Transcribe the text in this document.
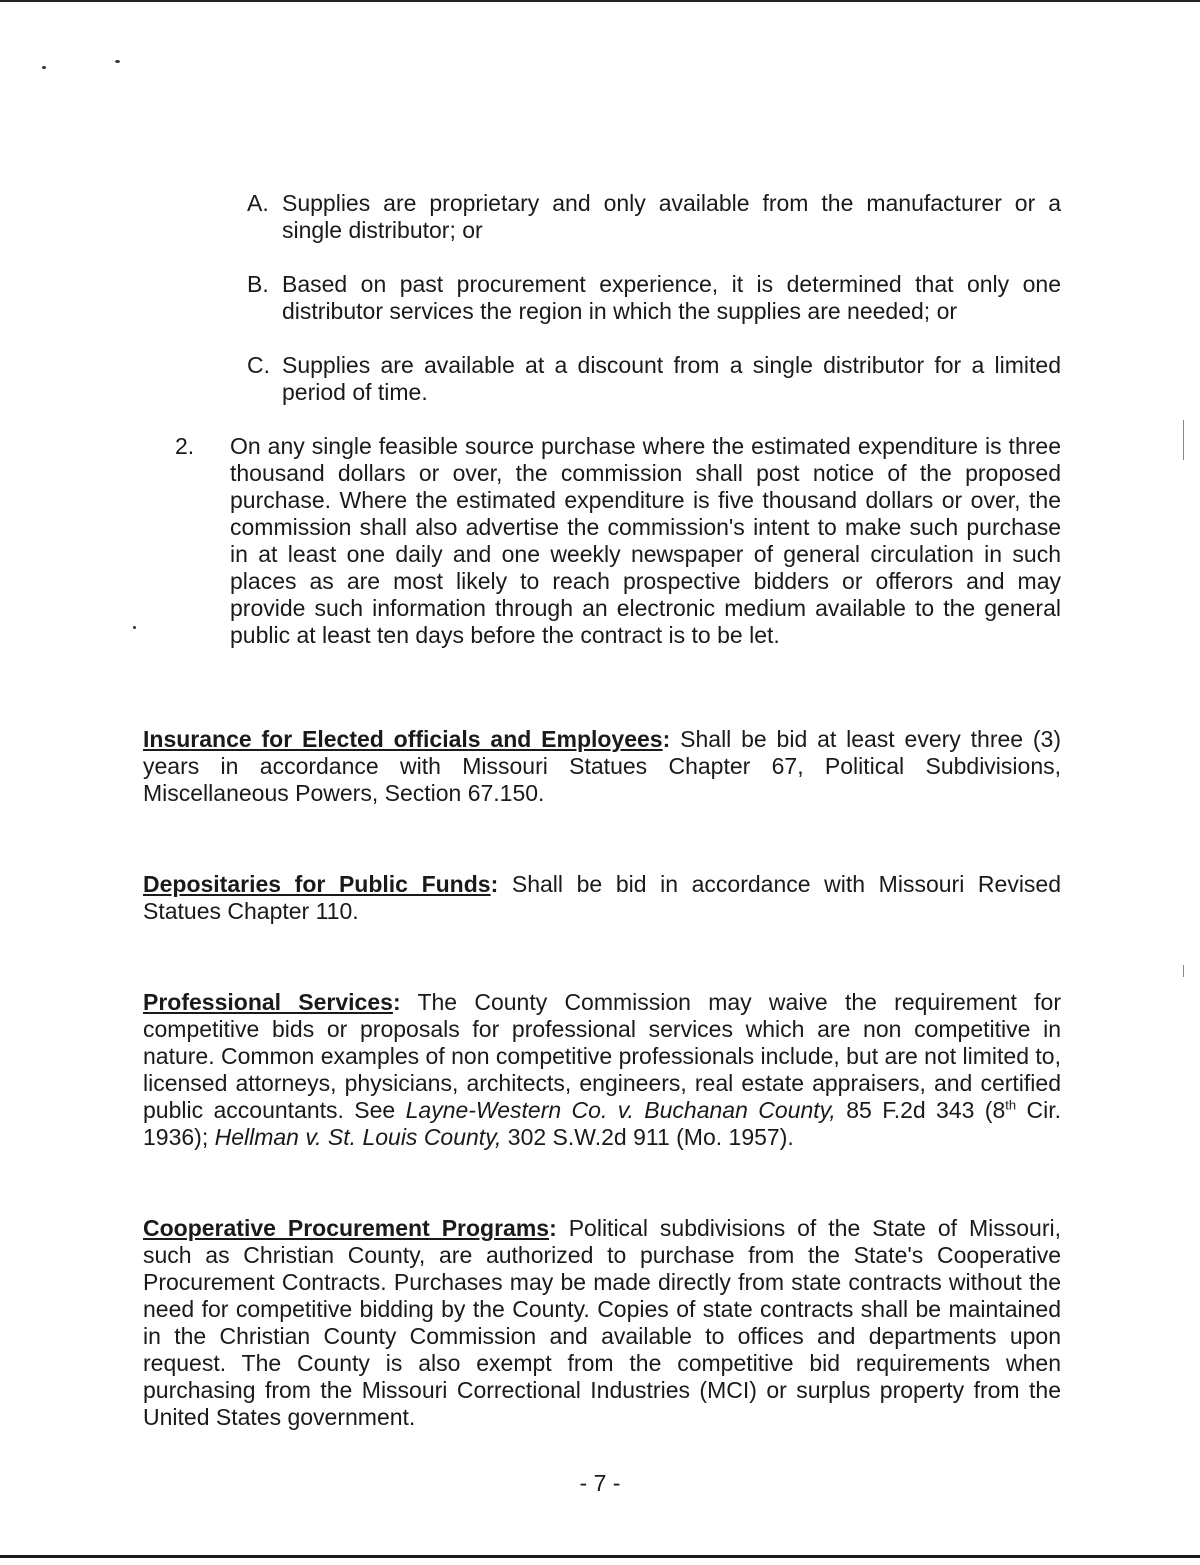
A. Supplies are proprietary and only available from the manufacturer or a single distributor; or
B. Based on past procurement experience, it is determined that only one distributor services the region in which the supplies are needed; or
C. Supplies are available at a discount from a single distributor for a limited period of time.
2. On any single feasible source purchase where the estimated expenditure is three thousand dollars or over, the commission shall post notice of the proposed purchase. Where the estimated expenditure is five thousand dollars or over, the commission shall also advertise the commission's intent to make such purchase in at least one daily and one weekly newspaper of general circulation in such places as are most likely to reach prospective bidders or offerors and may provide such information through an electronic medium available to the general public at least ten days before the contract is to be let.

Insurance for Elected officials and Employees: Shall be bid at least every three (3) years in accordance with Missouri Statues Chapter 67, Political Subdivisions, Miscellaneous Powers, Section 67.150.

Depositaries for Public Funds: Shall be bid in accordance with Missouri Revised Statues Chapter 110.

Professional Services: The County Commission may waive the requirement for competitive bids or proposals for professional services which are non competitive in nature. Common examples of non competitive professionals include, but are not limited to, licensed attorneys, physicians, architects, engineers, real estate appraisers, and certified public accountants. See Layne-Western Co. v. Buchanan County, 85 F.2d 343 (8th Cir. 1936); Hellman v. St. Louis County, 302 S.W.2d 911 (Mo. 1957).

Cooperative Procurement Programs: Political subdivisions of the State of Missouri, such as Christian County, are authorized to purchase from the State's Cooperative Procurement Contracts. Purchases may be made directly from state contracts without the need for competitive bidding by the County. Copies of state contracts shall be maintained in the Christian County Commission and available to offices and departments upon request. The County is also exempt from the competitive bid requirements when purchasing from the Missouri Correctional Industries (MCI) or surplus property from the United States government.

- 7 -
